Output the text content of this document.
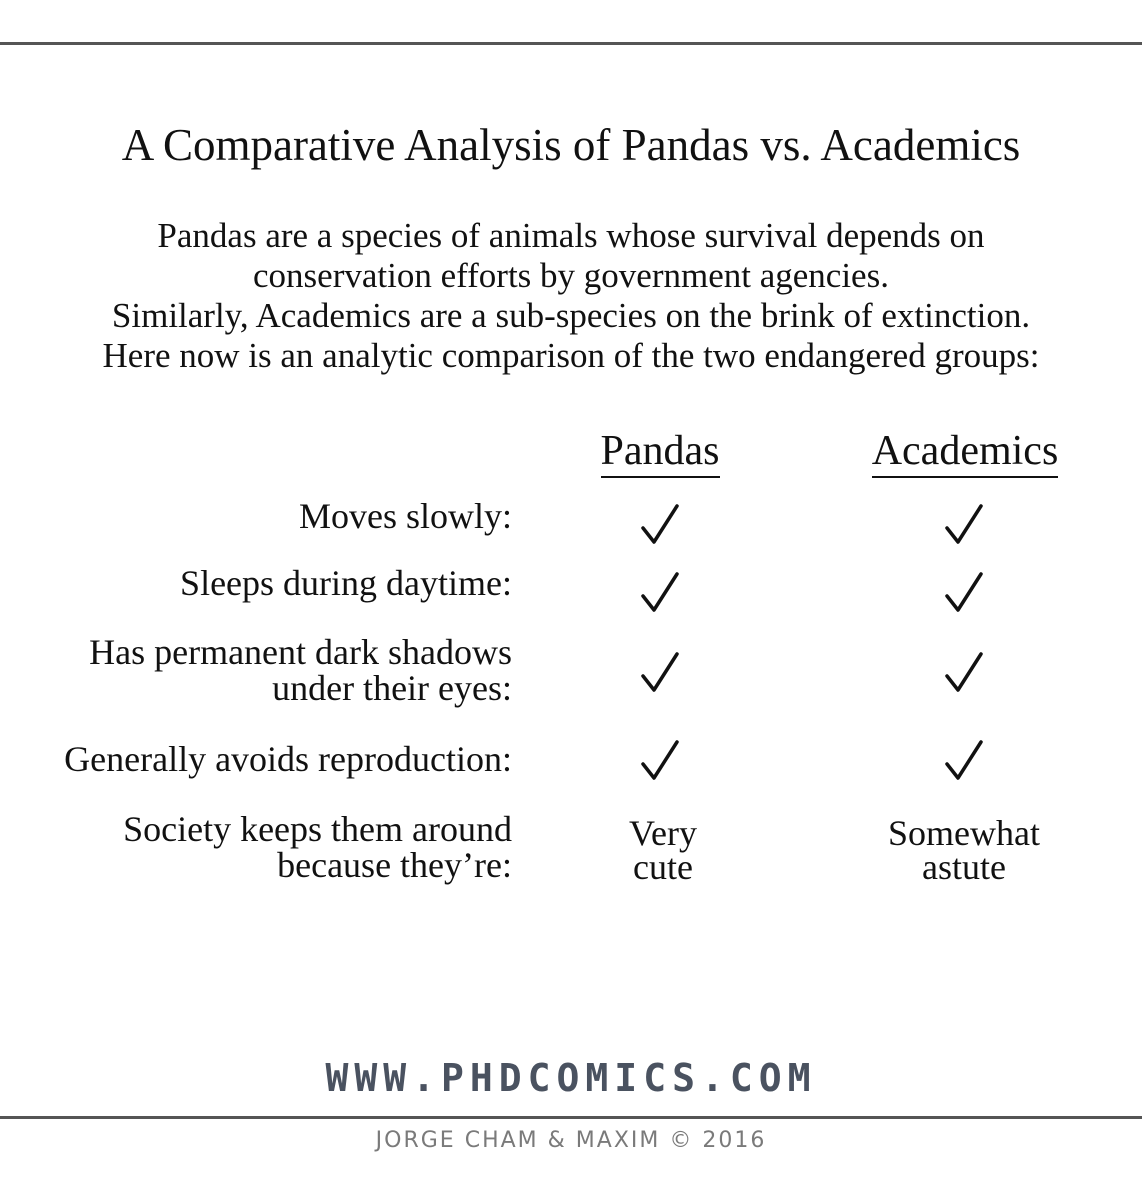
A Comparative Analysis of Pandas vs. Academics
Pandas are a species of animals whose survival depends on
conservation efforts by government agencies.
Similarly, Academics are a sub-species on the brink of extinction.
Here now is an analytic comparison of the two endangered groups:
Pandas	Academics
Moves slowly:
Sleeps during daytime:
Has permanent dark shadows
under their eyes:
Generally avoids reproduction:
Society keeps them around
because they’re:
Very
cute
Somewhat
astute
WWW.PHDCOMICS.COM
JORGE CHAM & MAXIM © 2016
